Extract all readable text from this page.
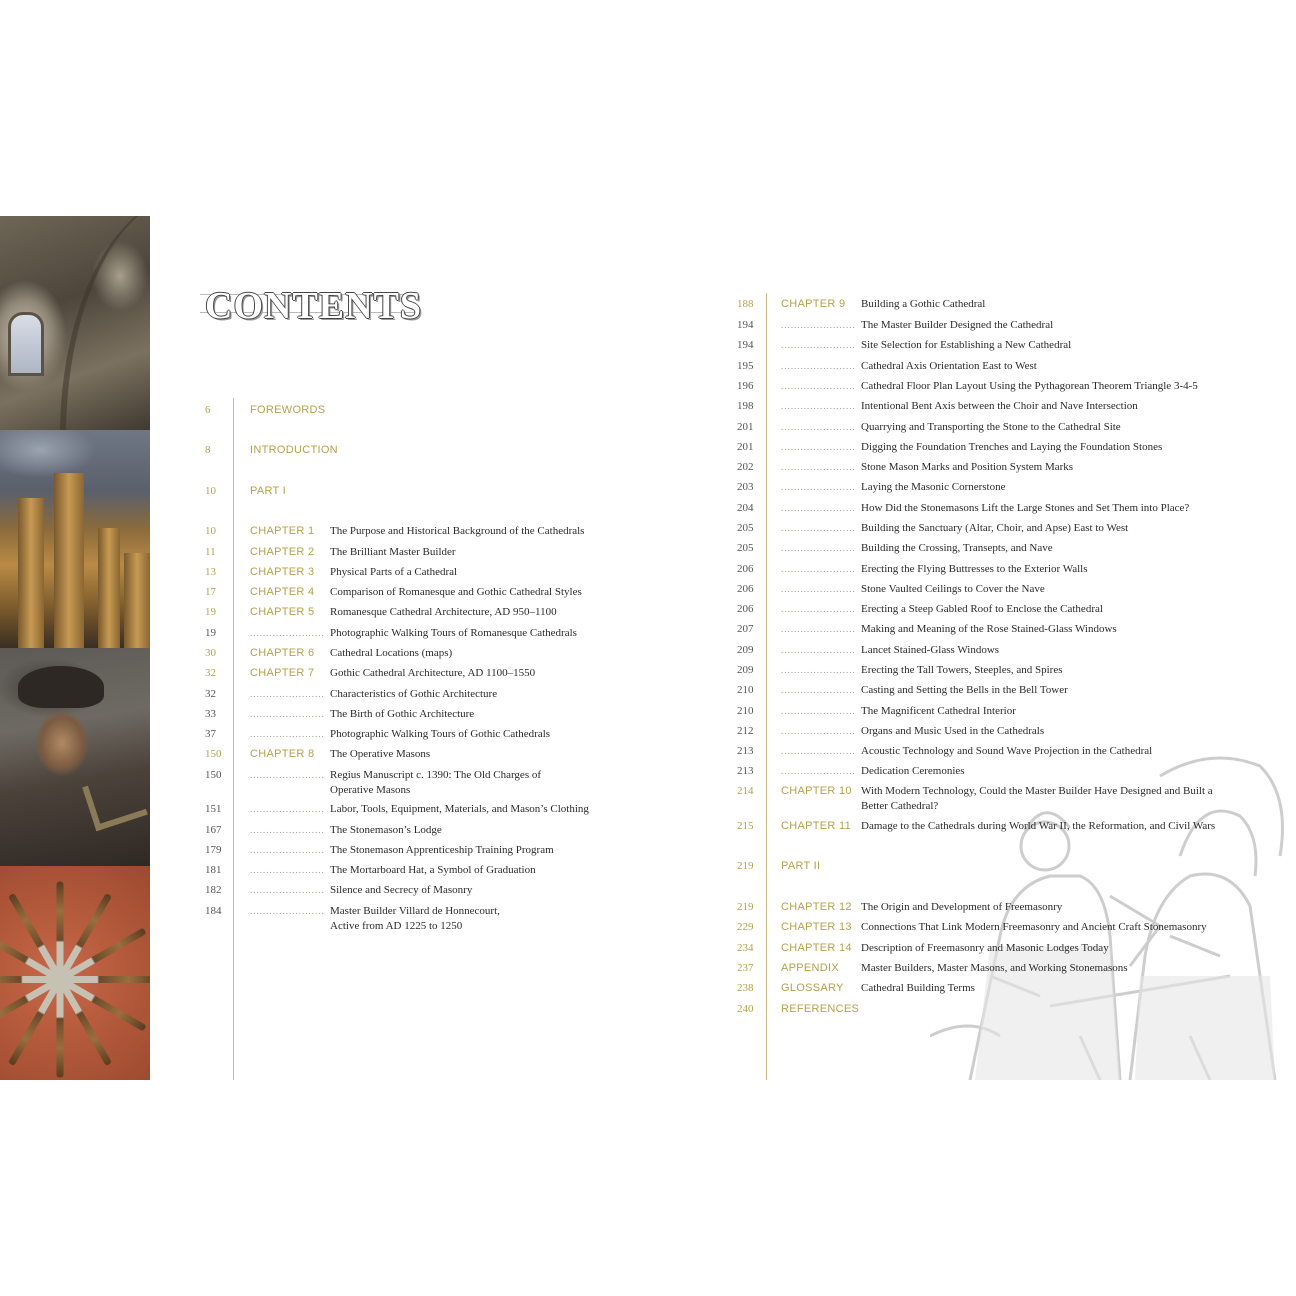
CONTENTS
6	FOREWORDS
8	INTRODUCTION
10	PART I
10	CHAPTER 1	The Purpose and Historical Background of the Cathedrals
11	CHAPTER 2	The Brilliant Master Builder
13	CHAPTER 3	Physical Parts of a Cathedral
17	CHAPTER 4	Comparison of Romanesque and Gothic Cathedral Styles
19	CHAPTER 5	Romanesque Cathedral Architecture, AD 950–1100
19	....................... Photographic Walking Tours of Romanesque Cathedrals
30	CHAPTER 6	Cathedral Locations (maps)
32	CHAPTER 7	Gothic Cathedral Architecture, AD 1100–1550
32	....................... Characteristics of Gothic Architecture
33	....................... The Birth of Gothic Architecture
37	....................... Photographic Walking Tours of Gothic Cathedrals
150	CHAPTER 8	The Operative Masons
150	....................... Regius Manuscript c. 1390: The Old Charges of
Operative Masons
151	....................... Labor, Tools, Equipment, Materials, and Mason’s Clothing
167	....................... The Stonemason’s Lodge
179	....................... The Stonemason Apprenticeship Training Program
181	....................... The Mortarboard Hat, a Symbol of Graduation
182	....................... Silence and Secrecy of Masonry
184	....................... Master Builder Villard de Honnecourt,
Active from AD 1225 to 1250
188	CHAPTER 9	Building a Gothic Cathedral
194	....................... The Master Builder Designed the Cathedral
194	....................... Site Selection for Establishing a New Cathedral
195	....................... Cathedral Axis Orientation East to West
196	....................... Cathedral Floor Plan Layout Using the Pythagorean Theorem Triangle 3-4-5
198	....................... Intentional Bent Axis between the Choir and Nave Intersection
201	....................... Quarrying and Transporting the Stone to the Cathedral Site
201	....................... Digging the Foundation Trenches and Laying the Foundation Stones
202	....................... Stone Mason Marks and Position System Marks
203	....................... Laying the Masonic Cornerstone
204	....................... How Did the Stonemasons Lift the Large Stones and Set Them into Place?
205	....................... Building the Sanctuary (Altar, Choir, and Apse) East to West
205	....................... Building the Crossing, Transepts, and Nave
206	....................... Erecting the Flying Buttresses to the Exterior Walls
206	....................... Stone Vaulted Ceilings to Cover the Nave
206	....................... Erecting a Steep Gabled Roof to Enclose the Cathedral
207	....................... Making and Meaning of the Rose Stained-Glass Windows
209	....................... Lancet Stained-Glass Windows
209	....................... Erecting the Tall Towers, Steeples, and Spires
210	....................... Casting and Setting the Bells in the Bell Tower
210	....................... The Magnificent Cathedral Interior
212	....................... Organs and Music Used in the Cathedrals
213	....................... Acoustic Technology and Sound Wave Projection in the Cathedral
213	....................... Dedication Ceremonies
214	CHAPTER 10 With Modern Technology, Could the Master Builder Have Designed and Built a
Better Cathedral?
215	CHAPTER 11 Damage to the Cathedrals during World War II, the Reformation, and Civil Wars
219	PART II
219	CHAPTER 12 The Origin and Development of Freemasonry
229	CHAPTER 13 Connections That Link Modern Freemasonry and Ancient Craft Stonemasonry
234	CHAPTER 14 Description of Freemasonry and Masonic Lodges Today
237	APPENDIX	Master Builders, Master Masons, and Working Stonemasons
238	GLOSSARY	Cathedral Building Terms
240	REFERENCES
